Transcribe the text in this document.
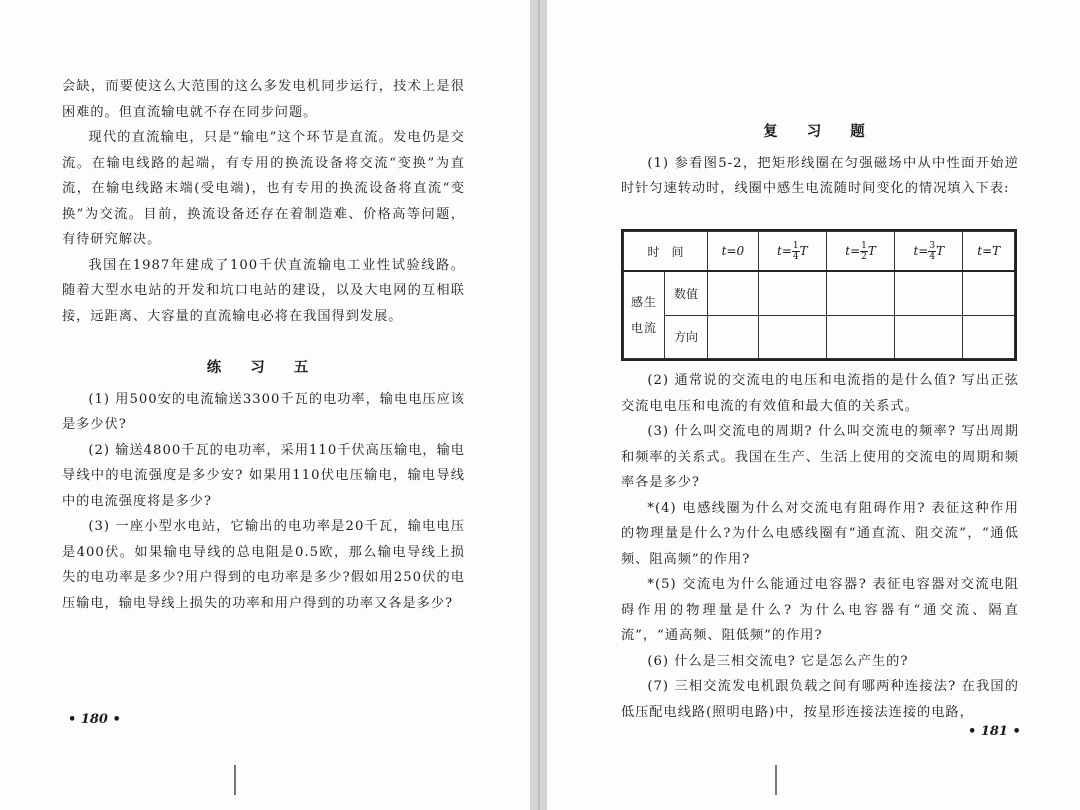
会缺，而要使这么大范围的这么多发电机同步运行，技术上是很困难的。但直流输电就不存在同步问题。

现代的直流输电，只是“输电”这个环节是直流。发电仍是交流。在输电线路的起端，有专用的换流设备将交流“变换”为直流，在输电线路末端(受电端)，也有专用的换流设备将直流“变换”为交流。目前，换流设备还存在着制造难、价格高等问题，有待研究解决。

我国在1987年建成了100千伏直流输电工业性试验线路。随着大型水电站的开发和坑口电站的建设，以及大电网的互相联接，远距离、大容量的直流输电必将在我国得到发展。

练 习 五

(1) 用500安的电流输送3300千瓦的电功率，输电电压应该是多少伏?

(2) 输送4800千瓦的电功率，采用110千伏高压输电，输电导线中的电流强度是多少安? 如果用110伏电压输电，输电导线中的电流强度将是多少?

(3) 一座小型水电站，它输出的电功率是20千瓦，输电电压是400伏。如果输电导线的总电阻是0.5欧，那么输电导线上损失的电功率是多少?用户得到的电功率是多少?假如用250伏的电压输电，输电导线上损失的功率和用户得到的功率又各是多少?

• 180 •

复 习 题

(1) 参看图5-2，把矩形线圈在匀强磁场中从中性面开始逆时针匀速转动时，线圈中感生电流随时间变化的情况填入下表:

时　间		t=0	$t= \frac{1}{4}$ T	$t= \frac{1}{2}$ T	$t= \frac{3}{4}$ T	t=T
感生
电流	数值					
	方向					

(2) 通常说的交流电的电压和电流指的是什么值? 写出正弦交流电电压和电流的有效值和最大值的关系式。

(3) 什么叫交流电的周期? 什么叫交流电的频率? 写出周期和频率的关系式。我国在生产、生活上使用的交流电的周期和频率各是多少?

*(4) 电感线圈为什么对交流电有阻碍作用? 表征这种作用的物理量是什么?为什么电感线圈有“通直流、阻交流”，“通低频、阻高频”的作用?

*(5) 交流电为什么能通过电容器? 表征电容器对交流电阻碍作用的物理量是什么? 为什么电容器有“通交流、隔直流”，“通高频、阻低频”的作用?

(6) 什么是三相交流电? 它是怎么产生的?

(7) 三相交流发电机跟负载之间有哪两种连接法? 在我国的低压配电线路(照明电路)中，按星形连接法连接的电路，

• 181 •
